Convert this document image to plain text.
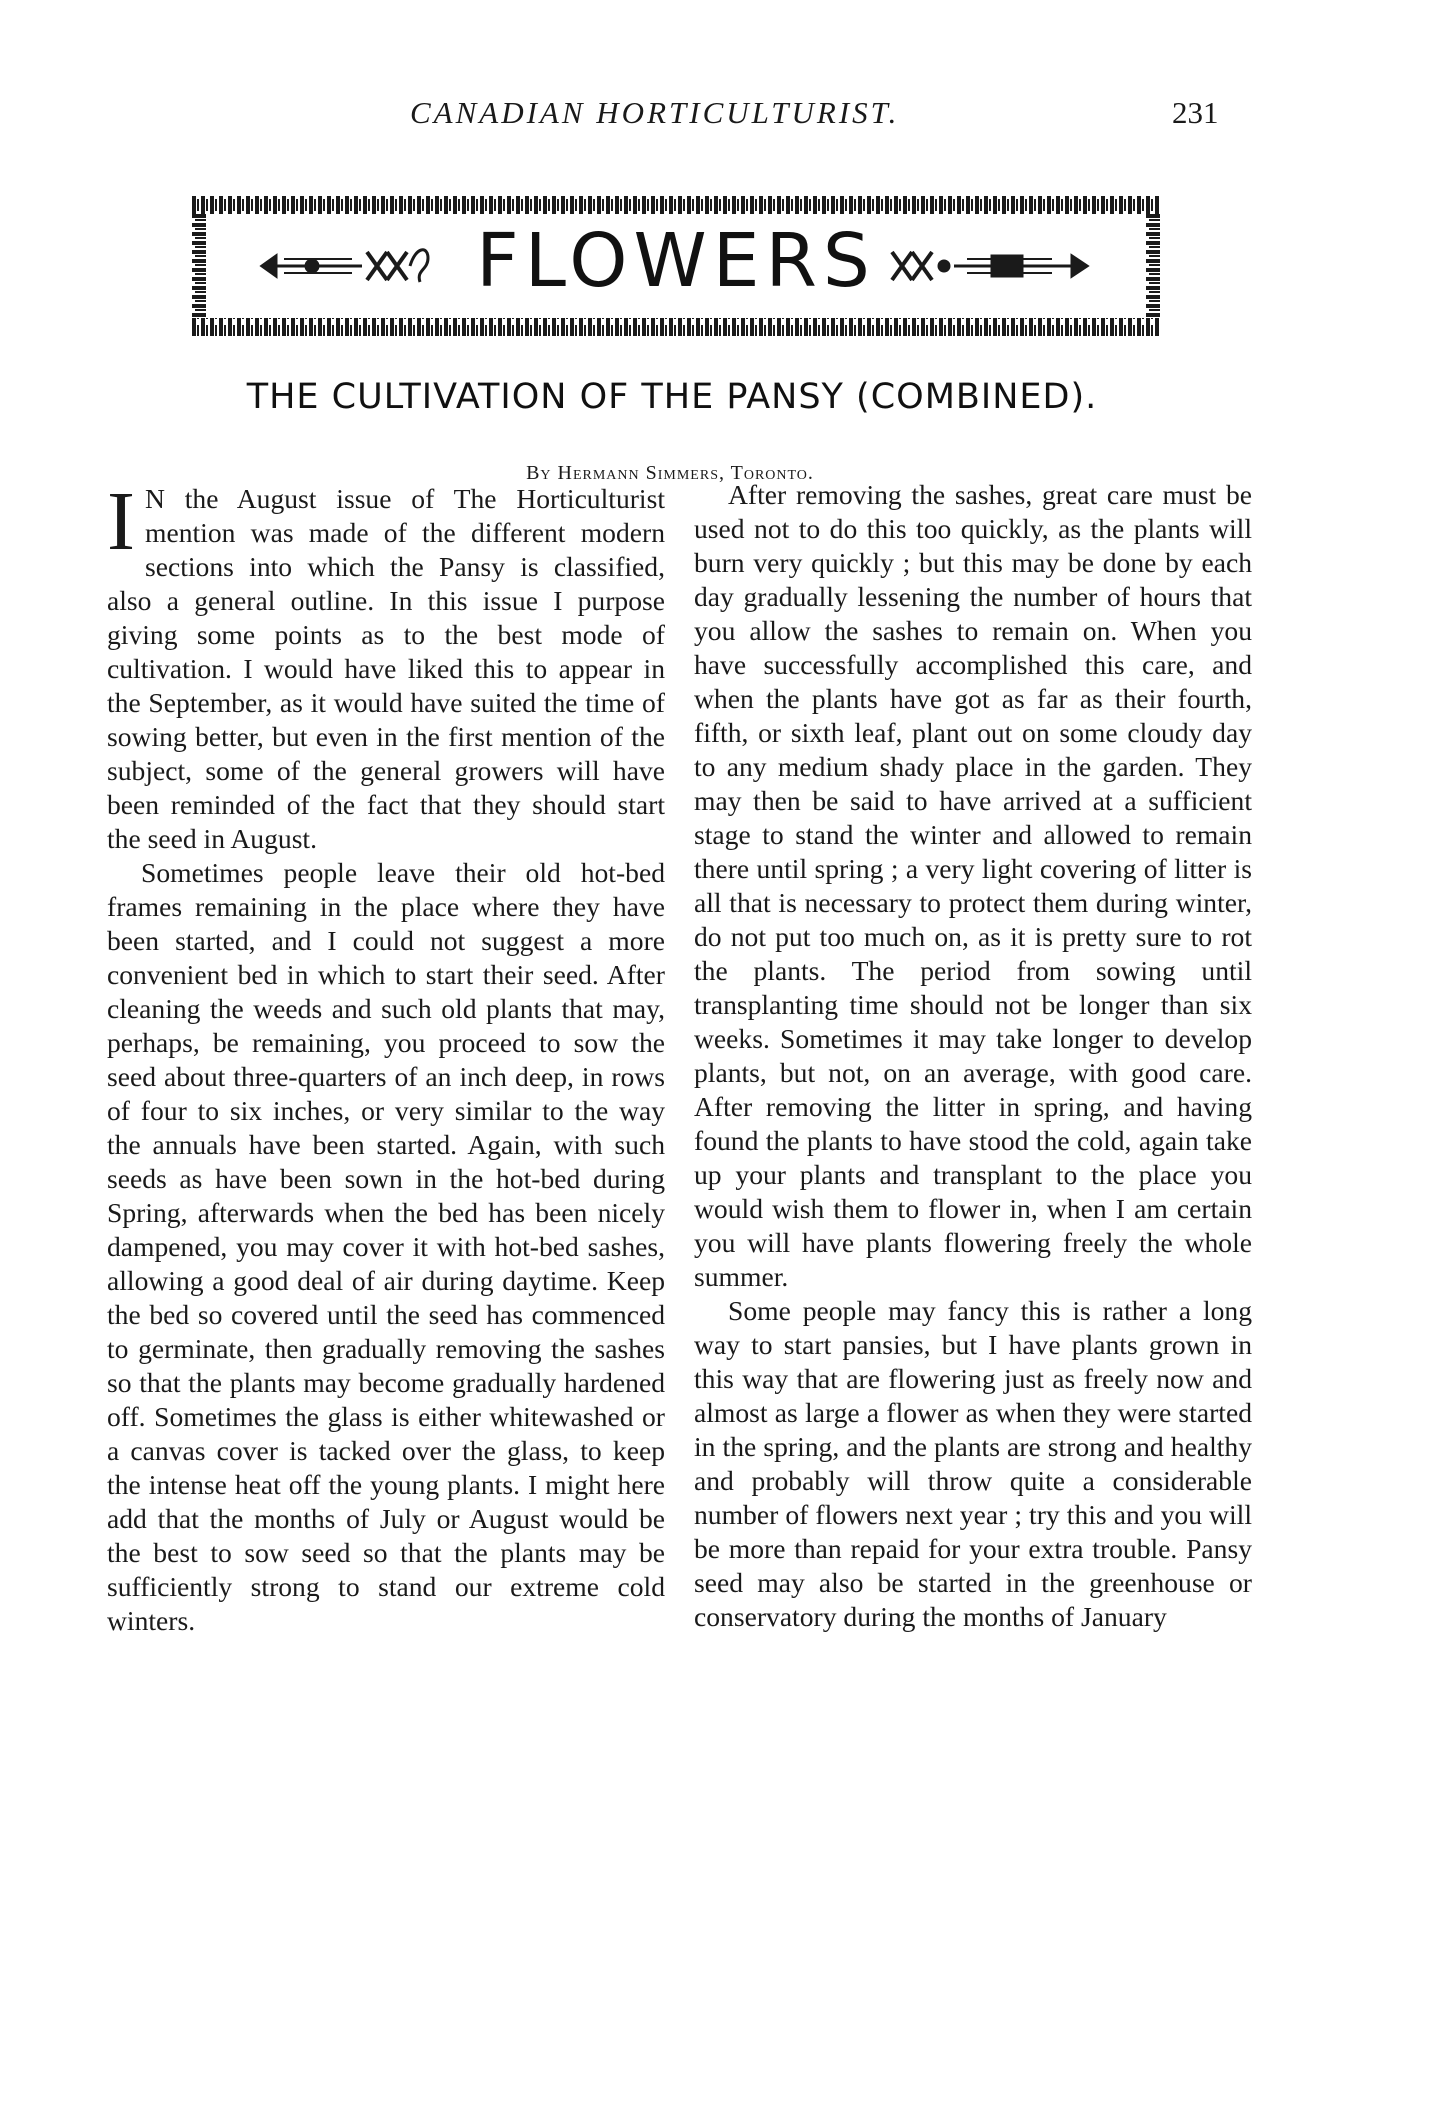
CANADIAN HORTICULTURIST.	231
FLOWERS
THE CULTIVATION OF THE PANSY (COMBINED).
By Hermann Simmers, Toronto.

I N the August issue of The Horticulturist mention was made of the different modern sections into which the Pansy is classified, also a general outline. In this issue I purpose giving some points as to the best mode of cultivation. I would have liked this to appear in the September, as it would have suited the time of sowing better, but even in the first mention of the subject, some of the general growers will have been reminded of the fact that they should start the seed in August.

Sometimes people leave their old hot-bed frames remaining in the place where they have been started, and I could not suggest a more convenient bed in which to start their seed. After cleaning the weeds and such old plants that may, perhaps, be remaining, you proceed to sow the seed about three-quarters of an inch deep, in rows of four to six inches, or very similar to the way the annuals have been started. Again, with such seeds as have been sown in the hot-bed during Spring, afterwards when the bed has been nicely dampened, you may cover it with hot-bed sashes, allowing a good deal of air during daytime. Keep the bed so covered until the seed has commenced to germinate, then gradually removing the sashes so that the plants may become gradually hardened off. Sometimes the glass is either whitewashed or a canvas cover is tacked over the glass, to keep the intense heat off the young plants. I might here add that the months of July or August would be the best to sow seed so that the plants may be sufficiently strong to stand our extreme cold winters.

After removing the sashes, great care must be used not to do this too quickly, as the plants will burn very quickly ; but this may be done by each day gradually lessening the number of hours that you allow the sashes to remain on. When you have successfully accomplished this care, and when the plants have got as far as their fourth, fifth, or sixth leaf, plant out on some cloudy day to any medium shady place in the garden. They may then be said to have arrived at a sufficient stage to stand the winter and allowed to remain there until spring ; a very light covering of litter is all that is necessary to protect them during winter, do not put too much on, as it is pretty sure to rot the plants. The period from sowing until transplanting time should not be longer than six weeks. Sometimes it may take longer to develop plants, but not, on an average, with good care. After removing the litter in spring, and having found the plants to have stood the cold, again take up your plants and transplant to the place you would wish them to flower in, when I am certain you will have plants flowering freely the whole summer.

Some people may fancy this is rather a long way to start pansies, but I have plants grown in this way that are flowering just as freely now and almost as large a flower as when they were started in the spring, and the plants are strong and healthy and probably will throw quite a considerable number of flowers next year ; try this and you will be more than repaid for your extra trouble. Pansy seed may also be started in the greenhouse or conservatory during the months of January
